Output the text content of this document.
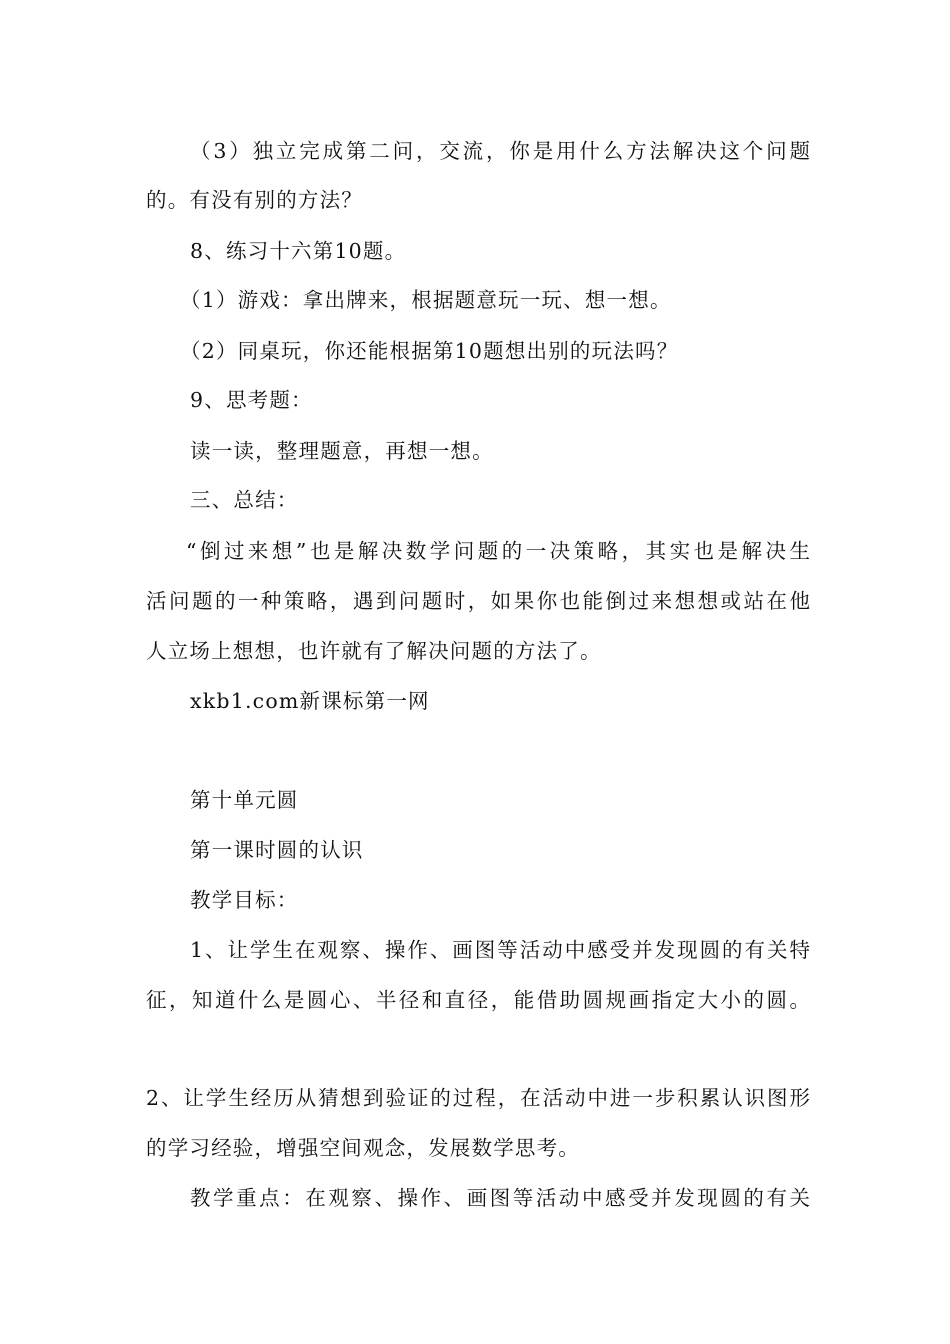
（3）独立完成第二问，交流，你是用什么方法解决这个问题
的。有没有别的方法？
8、练习十六第10题。
（1）游戏：拿出牌来，根据题意玩一玩、想一想。
（2）同桌玩，你还能根据第10题想出别的玩法吗？
9、思考题：
读一读，整理题意，再想一想。
三、总结：
“倒过来想”也是解决数学问题的一决策略，其实也是解决生
活问题的一种策略，遇到问题时，如果你也能倒过来想想或站在他
人立场上想想，也许就有了解决问题的方法了。
xkb1.com新课标第一网
第十单元圆
第一课时圆的认识
教学目标：
1、让学生在观察、操作、画图等活动中感受并发现圆的有关特
征，知道什么是圆心、半径和直径，能借助圆规画指定大小的圆。
2、让学生经历从猜想到验证的过程，在活动中进一步积累认识图形
的学习经验，增强空间观念，发展数学思考。
教学重点：在观察、操作、画图等活动中感受并发现圆的有关
